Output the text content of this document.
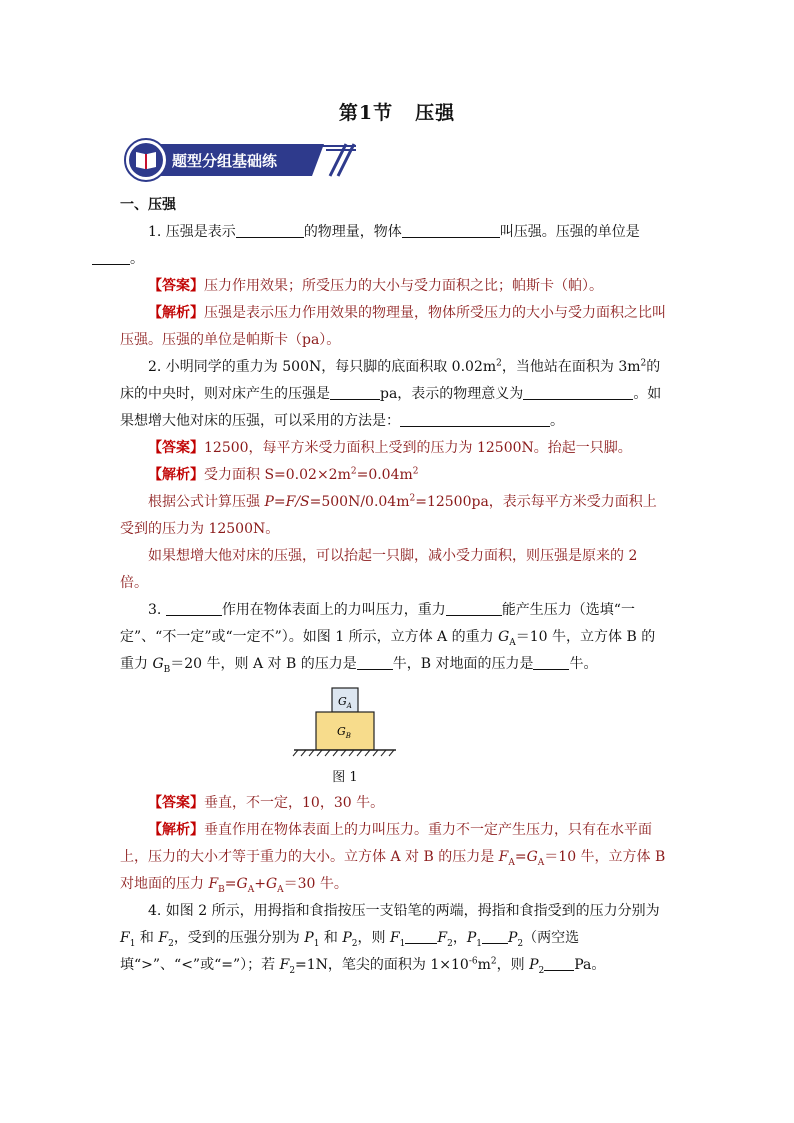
第1节 压强
题型分组基础练
一、压强

1. 压强是表示	的物理量，物体	叫压强。压强的单位是
。

【答案】压力作用效果；所受压力的大小与受力面积之比；帕斯卡（帕）。

【解析】压强是表示压力作用效果的物理量，物体所受压力的大小与受力面积之比叫压强。压强的单位是帕斯卡（pa）。

2. 小明同学的重力为 500N，每只脚的底面积取 $0.02m^2$，当他站在面积为 $3m^2$的床的中央时，则对床产生的压强是	pa，表示的物理意义为	。如果想增大他对床的压强，可以采用的方法是：	。

【答案】12500，每平方米受力面积上受到的压力为 12500N。抬起一只脚。

【解析】受力面积 $S=0.02\times 2m^2=0.04m^2$

根据公式计算压强 $P=F/S=500N/0.04m^2=12500pa$，表示每平方米受力面积上受到的压力为 12500N。

如果想增大他对床的压强，可以抬起一只脚，减小受力面积，则压强是原来的 2 倍。

3.	作用在物体表面上的力叫压力，重力	能产生压力（选填“一定”、“不一定”或“一定不”）。如图 1 所示，立方体 A 的重力 $G_A=10$ 牛，立方体 B 的重力 $G_B=20$ 牛，则 A 对 B 的压力是	牛，B 对地面的压力是	牛。

$G_A$
$G_B$
图 1

【答案】垂直，不一定，10，30 牛。

【解析】垂直作用在物体表面上的力叫压力。重力不一定产生压力，只有在水平面上，压力的大小才等于重力的大小。立方体 A 对 B 的压力是 $F_A=G_A=10$ 牛，立方体 B 对地面的压力 $F_B=G_A+G_A=30$ 牛。

4. 如图 2 所示，用拇指和食指按压一支铅笔的两端，拇指和食指受到的压力分别为 $F_1$ 和 $F_2$，受到的压强分别为 $P_1$ 和 $P_2$，则 $F_1$ $F_2$，$P_1$ $P_2$（两空选填“>”、“<”或“=”）；若 $F_2=1N$，笔尖的面积为 $1\times 10^{-6}m^2$，则 $P_2$ Pa。
